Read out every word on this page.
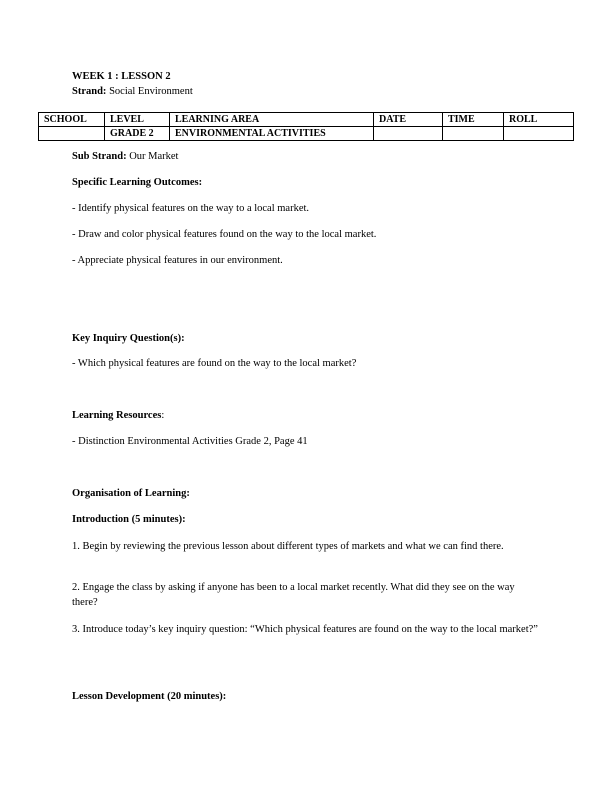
WEEK 1 : LESSON 2
Strand: Social Environment
SCHOOL	LEVEL	LEARNING AREA	DATE	TIME	ROLL
	GRADE 2	ENVIRONMENTAL ACTIVITIES			
Sub Strand: Our Market
Specific Learning Outcomes:
- Identify physical features on the way to a local market.
- Draw and color physical features found on the way to the local market.
- Appreciate physical features in our environment.
Key Inquiry Question(s):
- Which physical features are found on the way to the local market?
Learning Resources:
- Distinction Environmental Activities Grade 2, Page 41
Organisation of Learning:
Introduction (5 minutes):
1. Begin by reviewing the previous lesson about different types of markets and what we can find there.
2. Engage the class by asking if anyone has been to a local market recently. What did they see on the way there?
3. Introduce today’s key inquiry question: “Which physical features are found on the way to the local market?”
Lesson Development (20 minutes):
